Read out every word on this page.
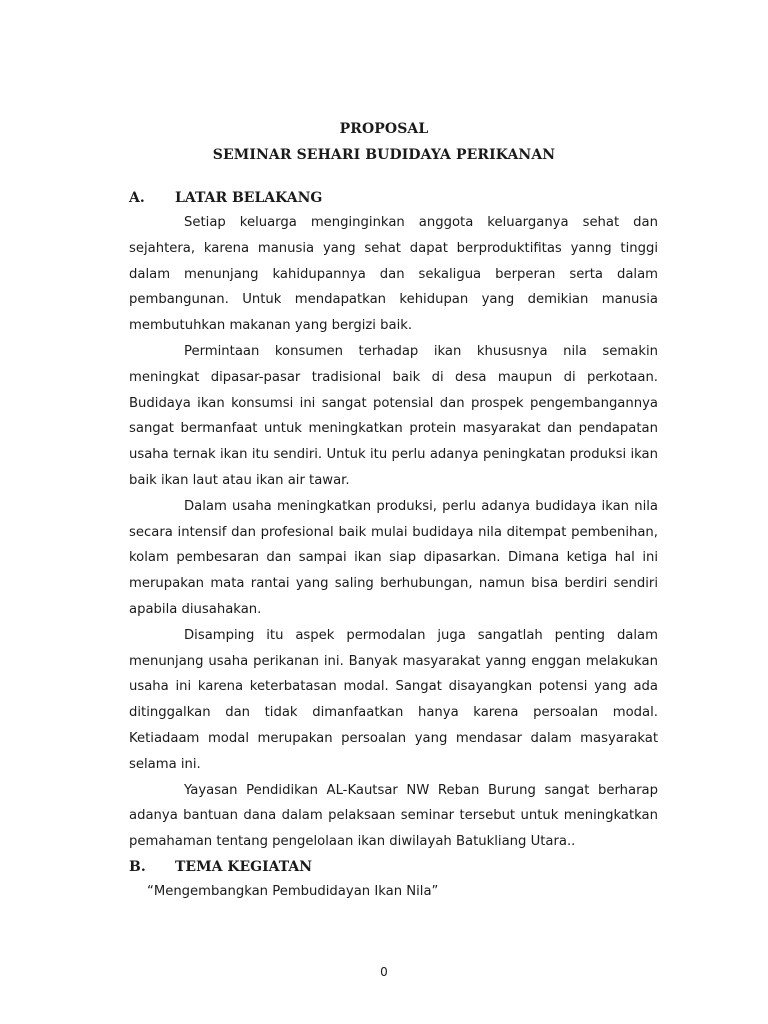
PROPOSAL
SEMINAR SEHARI BUDIDAYA PERIKANAN
A. LATAR BELAKANG

Setiap keluarga menginginkan anggota keluarganya sehat dan sejahtera, karena manusia yang sehat dapat berproduktifitas yanng tinggi dalam menunjang kahidupannya dan sekaligua berperan serta dalam pembangunan. Untuk mendapatkan kehidupan yang demikian manusia membutuhkan makanan yang bergizi baik.

Permintaan konsumen terhadap ikan khususnya nila semakin meningkat dipasar-pasar tradisional baik di desa maupun di perkotaan. Budidaya ikan konsumsi ini sangat potensial dan prospek pengembangannya sangat bermanfaat untuk meningkatkan protein masyarakat dan pendapatan usaha ternak ikan itu sendiri. Untuk itu perlu adanya peningkatan produksi ikan baik ikan laut atau ikan air tawar.

Dalam usaha meningkatkan produksi, perlu adanya budidaya ikan nila secara intensif dan profesional baik mulai budidaya nila ditempat pembenihan, kolam pembesaran dan sampai ikan siap dipasarkan. Dimana ketiga hal ini merupakan mata rantai yang saling berhubungan, namun bisa berdiri sendiri apabila diusahakan.

Disamping itu aspek permodalan juga sangatlah penting dalam menunjang usaha perikanan ini. Banyak masyarakat yanng enggan melakukan usaha ini karena keterbatasan modal. Sangat disayangkan potensi yang ada ditinggalkan dan tidak dimanfaatkan hanya karena persoalan modal. Ketiadaam modal merupakan persoalan yang mendasar dalam masyarakat selama ini.

Yayasan Pendidikan AL-Kautsar NW Reban Burung sangat berharap adanya bantuan dana dalam pelaksaan seminar tersebut untuk meningkatkan pemahaman tentang pengelolaan ikan diwilayah Batukliang Utara..

B. TEMA KEGIATAN
“Mengembangkan Pembudidayan Ikan Nila”
0
